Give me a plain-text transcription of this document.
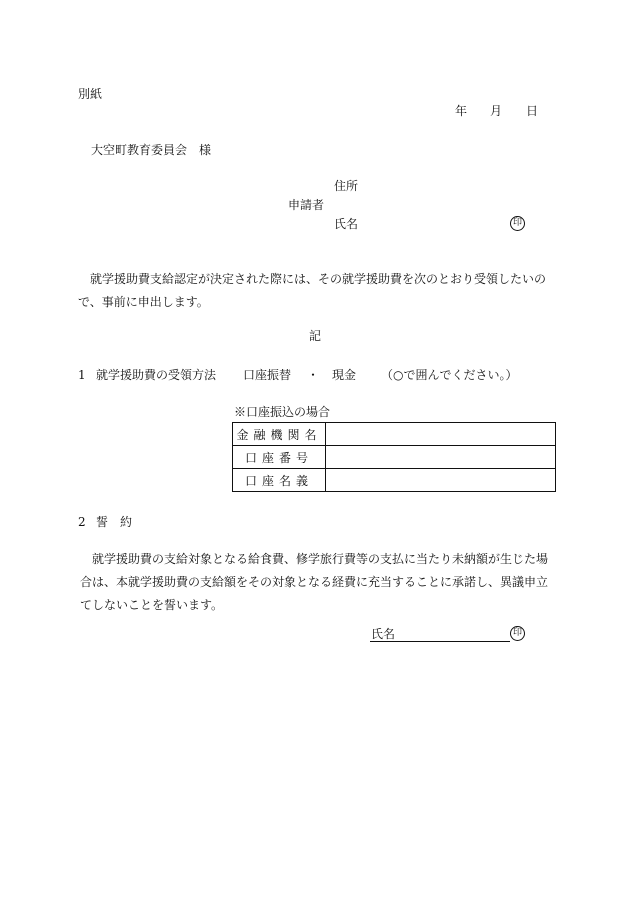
別紙
年 月 日
大空町教育委員会　様
住所
申請者
氏名	印
就学援助費支給認定が決定された際には、その就学援助費を次のとおり受領したいので、事前に申出します。
記
1 就学援助費の受領方法 口座振替 ・ 現金 （○で囲んでください。）
※口座振込の場合
金融機関名	
口座番号	
口座名義	
2 誓　約
就学援助費の支給対象となる給食費、修学旅行費等の支払に当たり未納額が生じた場合は、本就学援助費の支給額をその対象となる経費に充当することに承諾し、異議申立てしないことを誓います。
氏名	印
